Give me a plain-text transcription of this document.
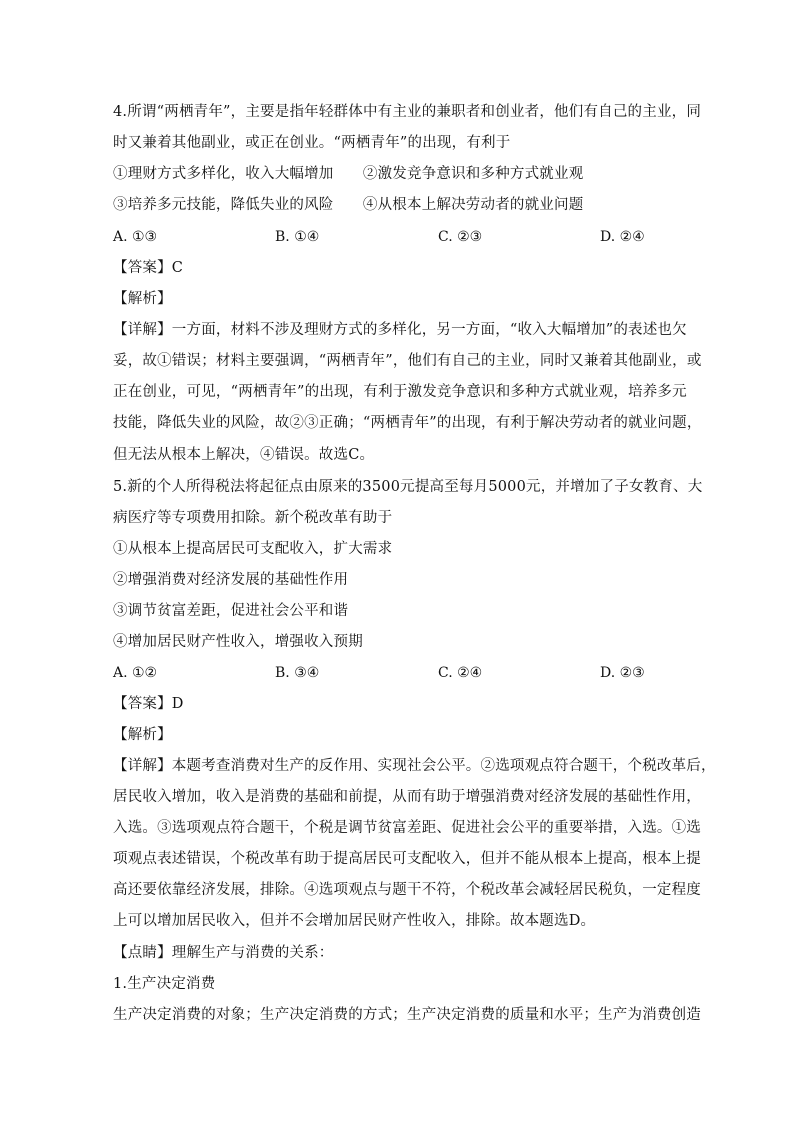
4.所谓“两栖青年”，主要是指年轻群体中有主业的兼职者和创业者，他们有自己的主业，同
时又兼着其他副业，或正在创业。“两栖青年”的出现，有利于
①理财方式多样化，收入大幅增加　　②激发竞争意识和多种方式就业观
③培养多元技能，降低失业的风险　　④从根本上解决劳动者的就业问题
A. ①③	B. ①④	C. ②③	D. ②④
【答案】C
【解析】
【详解】一方面，材料不涉及理财方式的多样化，另一方面，“收入大幅增加”的表述也欠
妥，故①错误；材料主要强调，“两栖青年”，他们有自己的主业，同时又兼着其他副业，或
正在创业，可见，“两栖青年”的出现，有利于激发竞争意识和多种方式就业观，培养多元
技能，降低失业的风险，故②③正确；“两栖青年”的出现，有利于解决劳动者的就业问题，
但无法从根本上解决，④错误。故选C。
5.新的个人所得税法将起征点由原来的3500元提高至每月5000元，并增加了子女教育、大
病医疗等专项费用扣除。新个税改革有助于
①从根本上提高居民可支配收入，扩大需求
②增强消费对经济发展的基础性作用
③调节贫富差距，促进社会公平和谐
④增加居民财产性收入，增强收入预期
A. ①②	B. ③④	C. ②④	D. ②③
【答案】D
【解析】
【详解】本题考查消费对生产的反作用、实现社会公平。②选项观点符合题干，个税改革后，
居民收入增加，收入是消费的基础和前提，从而有助于增强消费对经济发展的基础性作用，
入选。③选项观点符合题干，个税是调节贫富差距、促进社会公平的重要举措，入选。①选
项观点表述错误，个税改革有助于提高居民可支配收入，但并不能从根本上提高，根本上提
高还要依靠经济发展，排除。④选项观点与题干不符，个税改革会减轻居民税负，一定程度
上可以增加居民收入，但并不会增加居民财产性收入，排除。故本题选D。
【点睛】理解生产与消费的关系：
1.生产决定消费
生产决定消费的对象；生产决定消费的方式；生产决定消费的质量和水平；生产为消费创造
